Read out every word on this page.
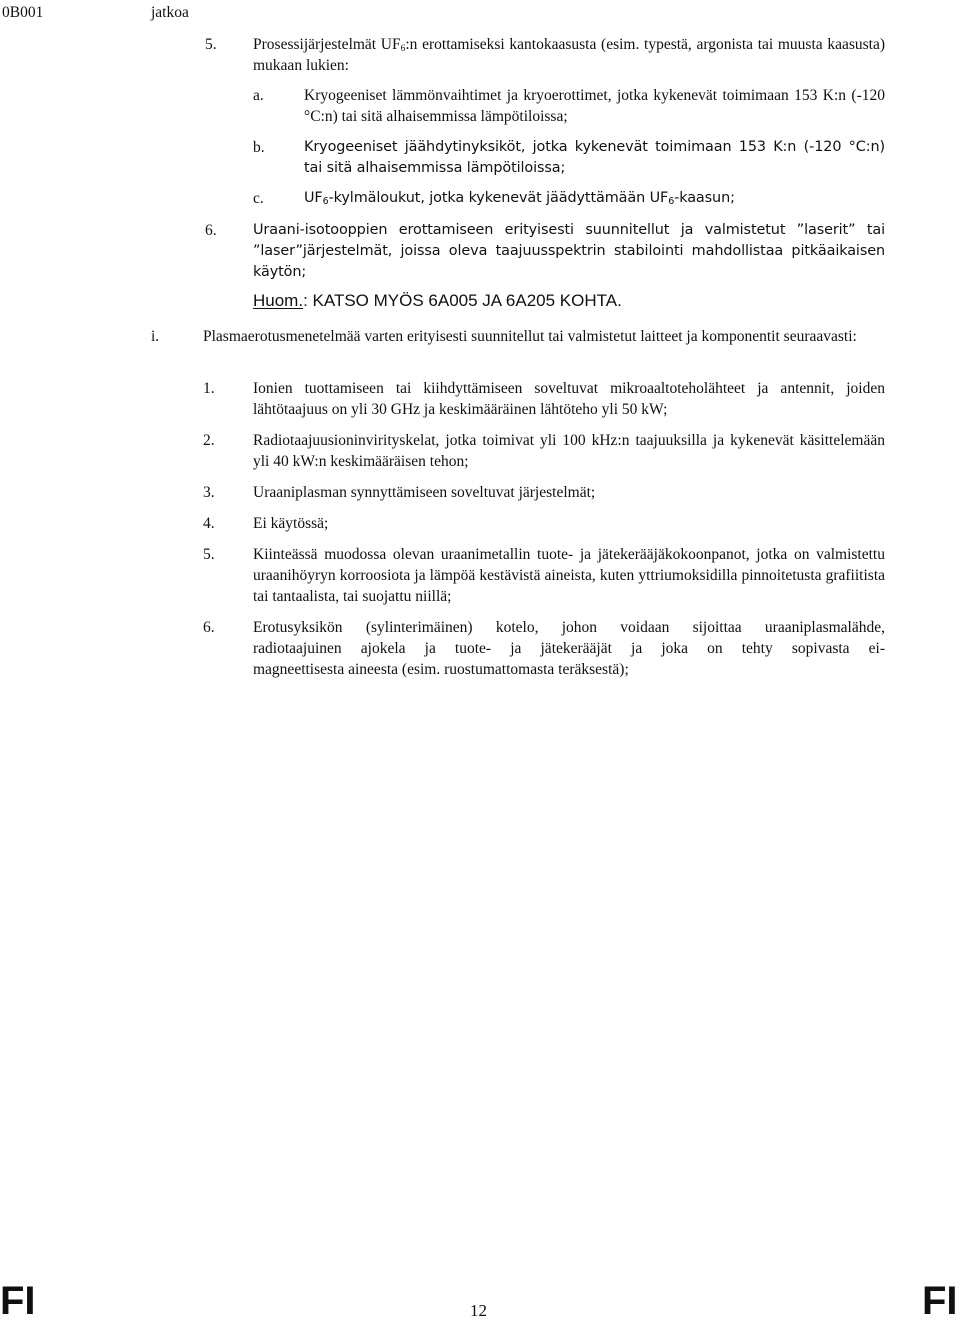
0B001	jatkoa
5. Prosessijärjestelmät $UF_6:n$ erottamiseksi kantokaasusta (esim. typestä, argonista tai muusta kaasusta) mukaan lukien:
a.	Kryogeeniset lämmönvaihtimet ja kryoerottimet, jotka kykenevät toimimaan 153 K:n (-120 °C:n) tai sitä alhaisemmissa lämpötiloissa;
b.	Kryogeeniset jäähdytinyksiköt, jotka kykenevät toimimaan 153 K:n (-120 °C:n) tai sitä alhaisemmissa lämpötiloissa;
c.	$UF_6$-kylmäloukut, jotka kykenevät jäädyttämään $UF_6$-kaasun;
6.	Uraani-isotooppien erottamiseen erityisesti suunnitellut ja valmistetut ”laserit” tai ”laser”järjestelmät, joissa oleva taajuusspektrin stabilointi mahdollistaa pitkäaikaisen käytön;
Huom.: KATSO MYÖS 6A005 JA 6A205 KOHTA.
i.	Plasmaerotusmenetelmää varten erityisesti suunnitellut tai valmistetut laitteet ja komponentit seuraavasti:
1. Ionien tuottamiseen tai kiihdyttämiseen soveltuvat mikroaaltoteholähteet ja antennit, joiden lähtötaajuus on yli 30 GHz ja keskimääräinen lähtöteho yli 50 kW;
2. Radiotaajuusioninvirityskelat, jotka toimivat yli 100 kHz:n taajuuksilla ja kykenevät käsittelemään yli 40 kW:n keskimääräisen tehon;
3. Uraaniplasman synnyttämiseen soveltuvat järjestelmät;
4. Ei käytössä;
5. Kiinteässä muodossa olevan uraanimetallin tuote- ja jätekerääjäkokoonpanot, jotka on valmistettu uraanihöyryn korroosiota ja lämpöä kestävistä aineista, kuten yttriumoksidilla pinnoitetusta grafiitista tai tantaalista, tai suojattu niillä;
6. Erotusyksikön (sylinterimäinen) kotelo, johon voidaan sijoittaa uraaniplasmalähde,
radiotaajuinen ajokela ja tuote- ja jätekerääjät ja joka on tehty sopivasta ei-
magneettisesta aineesta (esim. ruostumattomasta teräksestä);
FI	12	FI
